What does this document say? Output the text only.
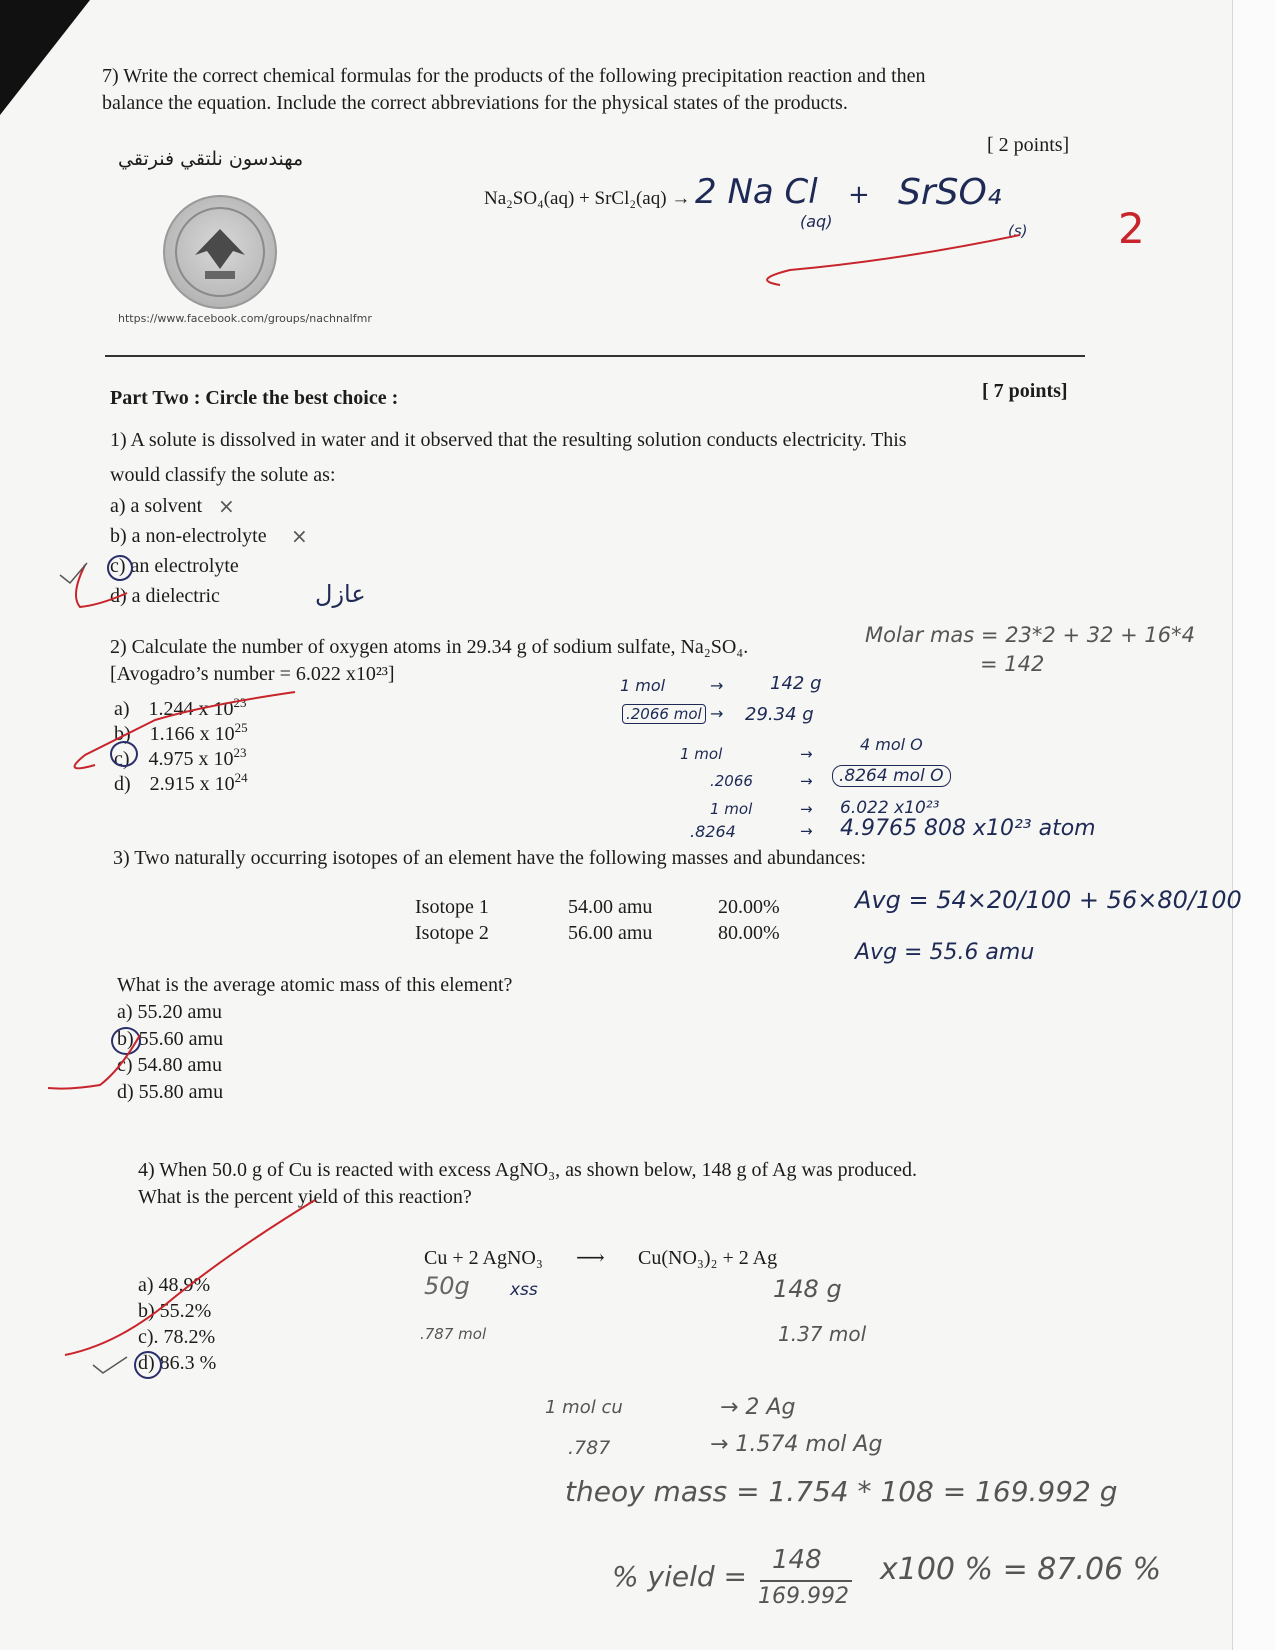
7) Write the correct chemical formulas for the products of the following precipitation reaction and then
balance the equation. Include the correct abbreviations for the physical states of the products.
[ 2 points]
مهندسون نلتقي فنرتقي
https://www.facebook.com/groups/nachnalfmr
Na₂SO₄(aq) + SrCl₂(aq) → 2 Na Cl
(aq)
+ SrSO₄
(s) 2
Part Two : Circle the best choice :	[ 7 points]
1) A solute is dissolved in water and it observed that the resulting solution conducts electricity. This
would classify the solute as:
a) a solvent ×
b) a non-electrolyte ×
c) an electrolyte
d) a dielectric	عازل
2) Calculate the number of oxygen atoms in 29.34 g of sodium sulfate, Na₂SO₄.
[Avogadro’s number = 6.022 x10²³]
a) 1.244 x $10^{23}$
b) 1.166 x $10^{25}$
c) 4.975 x $10^{23}$
d) 2.915 x $10^{24}$
Molar mas = 23*2 + 32 + 16*4
= 142
1 mol	→	142 g
.2066 mol → 29.34 g
1 mol	→	4 mol O
.2066	→	.8264 mol O
1 mol	→ 6.022 x10²³
.8264	→ 4.9765 808 x10²³ atom
3) Two naturally occurring isotopes of an element have the following masses and abundances:
Isotope 1	54.00 amu	20.00%
Isotope 2	56.00 amu	80.00%
Avg = 54×20/100 + 56×80/100
Avg = 55.6 amu
What is the average atomic mass of this element?
a) 55.20 amu
b) 55.60 amu
c) 54.80 amu
d) 55.80 amu
4) When 50.0 g of Cu is reacted with excess AgNO₃, as shown below, 148 g of Ag was produced.
What is the percent yield of this reaction?
Cu + 2 AgNO₃ ⟶ Cu(NO₃)₂ + 2 Ag
50g xss	148 g
.787 mol	1.37 mol
a) 48.9%
b) 55.2%
c). 78.2%
d) 86.3 %
1 mol cu	→ 2 Ag
.787	→ 1.574 mol Ag
theoy mass = 1.754 * 108 = 169.992 g
% yield = 148
169.992
x100 % = 87.06 %
